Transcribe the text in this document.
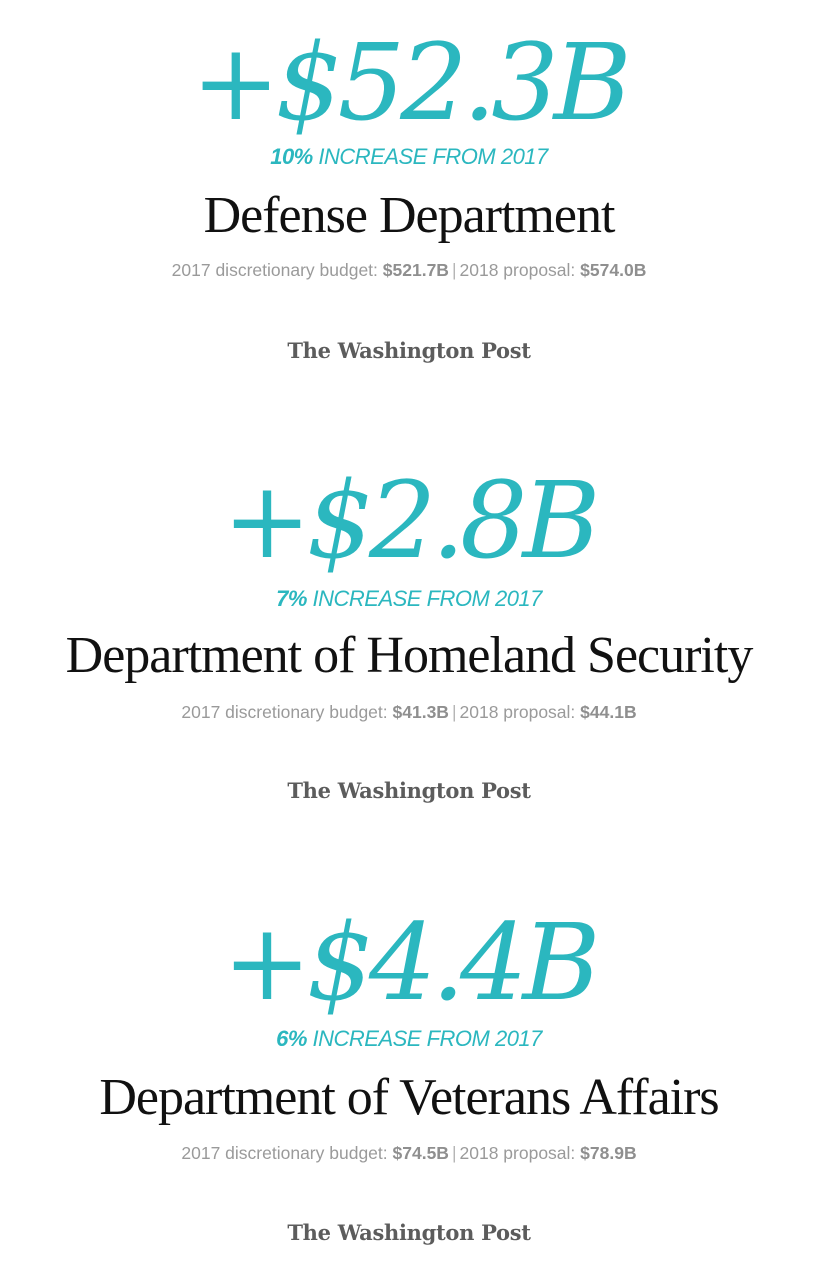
+$52.3B
10% INCREASE FROM 2017
Defense Department
2017 discretionary budget: $521.7B | 2018 proposal: $574.0B
The Washington Post
+$2.8B
7% INCREASE FROM 2017
Department of Homeland Security
2017 discretionary budget: $41.3B | 2018 proposal: $44.1B
The Washington Post
+$4.4B
6% INCREASE FROM 2017
Department of Veterans Affairs
2017 discretionary budget: $74.5B | 2018 proposal: $78.9B
The Washington Post
